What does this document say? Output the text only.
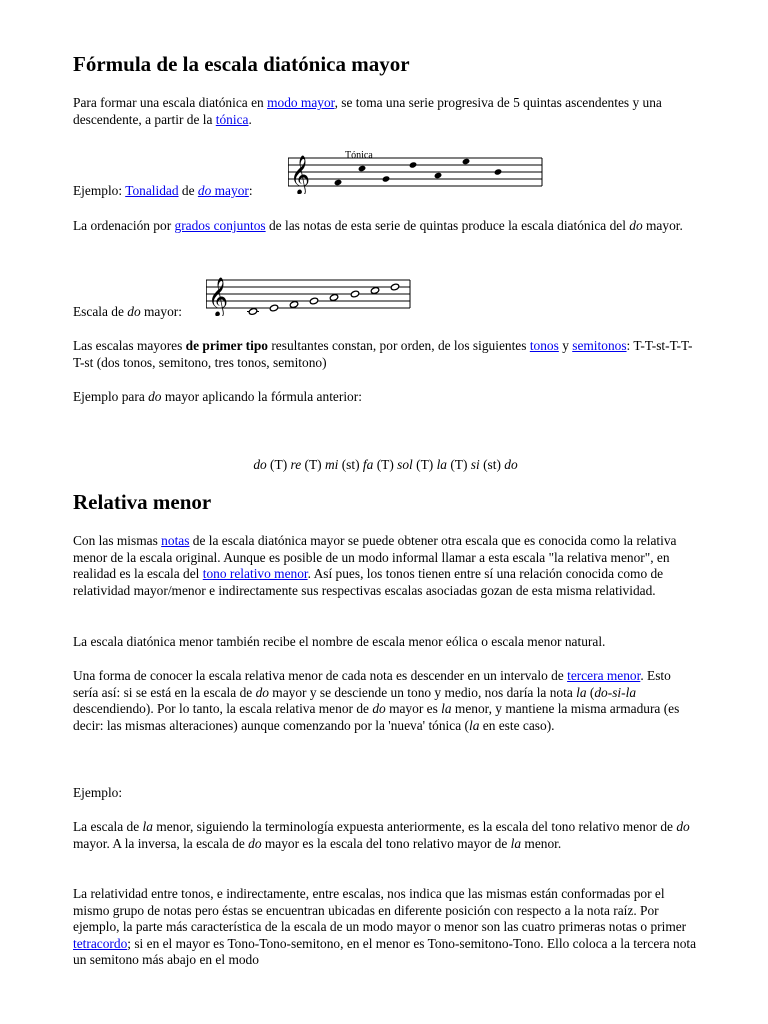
Fórmula de la escala diatónica mayor

Para formar una escala diatónica en modo mayor, se toma una serie progresiva de 5 quintas ascendentes y una descendente, a partir de la tónica.

Ejemplo: Tonalidad de do mayor:

La ordenación por grados conjuntos de las notas de esta serie de quintas produce la escala diatónica del do mayor.

Escala de do mayor:

Las escalas mayores de primer tipo resultantes constan, por orden, de los siguientes tonos y semitonos: T-T-st-T-T-T-st (dos tonos, semitono, tres tonos, semitono)

Ejemplo para do mayor aplicando la fórmula anterior:

do (T) re (T) mi (st) fa (T) sol (T) la (T) si (st) do

Relativa menor

Con las mismas notas de la escala diatónica mayor se puede obtener otra escala que es conocida como la relativa menor de la escala original. Aunque es posible de un modo informal llamar a esta escala "la relativa menor", en realidad es la escala del tono relativo menor. Así pues, los tonos tienen entre sí una relación conocida como de relatividad mayor/menor e indirectamente sus respectivas escalas asociadas gozan de esta misma relatividad.

La escala diatónica menor también recibe el nombre de escala menor eólica o escala menor natural.

Una forma de conocer la escala relativa menor de cada nota es descender en un intervalo de tercera menor. Esto sería así: si se está en la escala de do mayor y se desciende un tono y medio, nos daría la nota la (do-si-la descendiendo). Por lo tanto, la escala relativa menor de do mayor es la menor, y mantiene la misma armadura (es decir: las mismas alteraciones) aunque comenzando por la 'nueva' tónica (la en este caso).

Ejemplo:

La escala de la menor, siguiendo la terminología expuesta anteriormente, es la escala del tono relativo menor de do mayor. A la inversa, la escala de do mayor es la escala del tono relativo mayor de la menor.

La relatividad entre tonos, e indirectamente, entre escalas, nos indica que las mismas están conformadas por el mismo grupo de notas pero éstas se encuentran ubicadas en diferente posición con respecto a la nota raíz. Por ejemplo, la parte más característica de la escala de un modo mayor o menor son las cuatro primeras notas o primer tetracordo; si en el mayor es Tono-Tono-semitono, en el menor es Tono-semitono-Tono. Ello coloca a la tercera nota un semitono más abajo en el modo

𝄞	Tónica
𝄞
